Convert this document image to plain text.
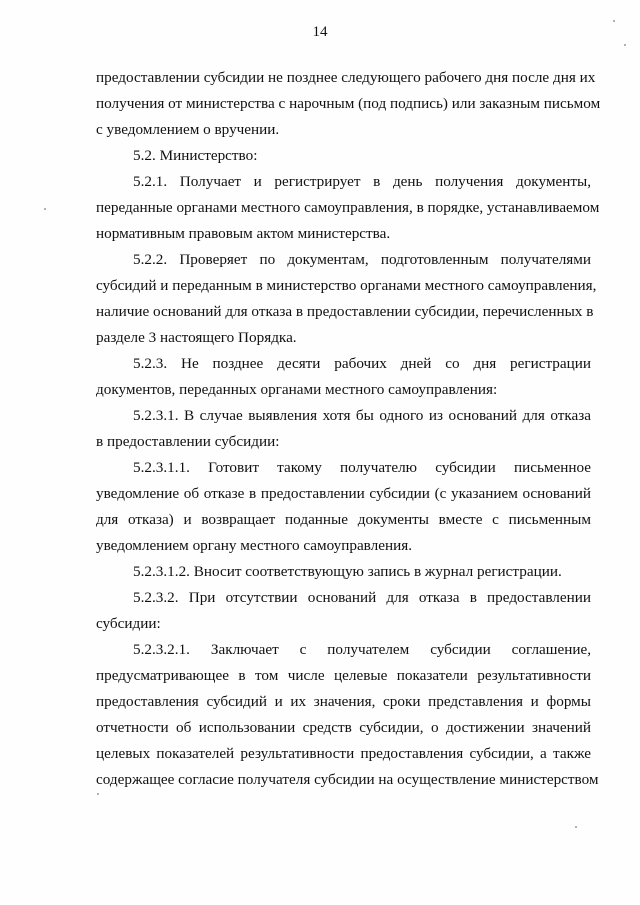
14
предоставлении субсидии не позднее следующего рабочего дня после дня их
получения от министерства с нарочным (под подпись) или заказным письмом
с уведомлением о вручении.
5.2. Министерство:
5.2.1. Получает и регистрирует в день получения документы,
переданные органами местного самоуправления, в порядке, устанавливаемом
нормативным правовым актом министерства.
5.2.2. Проверяет по документам, подготовленным получателями
субсидий и переданным в министерство органами местного самоуправления,
наличие оснований для отказа в предоставлении субсидии, перечисленных в
разделе 3 настоящего Порядка.
5.2.3. Не позднее десяти рабочих дней со дня регистрации
документов, переданных органами местного самоуправления:
5.2.3.1. В случае выявления хотя бы одного из оснований для отказа
в предоставлении субсидии:
5.2.3.1.1. Готовит такому получателю субсидии письменное
уведомление об отказе в предоставлении субсидии (с указанием оснований
для отказа) и возвращает поданные документы вместе с письменным
уведомлением органу местного самоуправления.
5.2.3.1.2. Вносит соответствующую запись в журнал регистрации.
5.2.3.2. При отсутствии оснований для отказа в предоставлении
субсидии:
5.2.3.2.1. Заключает с получателем субсидии соглашение,
предусматривающее в том числе целевые показатели результативности
предоставления субсидий и их значения, сроки представления и формы
отчетности об использовании средств субсидии, о достижении значений
целевых показателей результативности предоставления субсидии, а также
содержащее согласие получателя субсидии на осуществление министерством
